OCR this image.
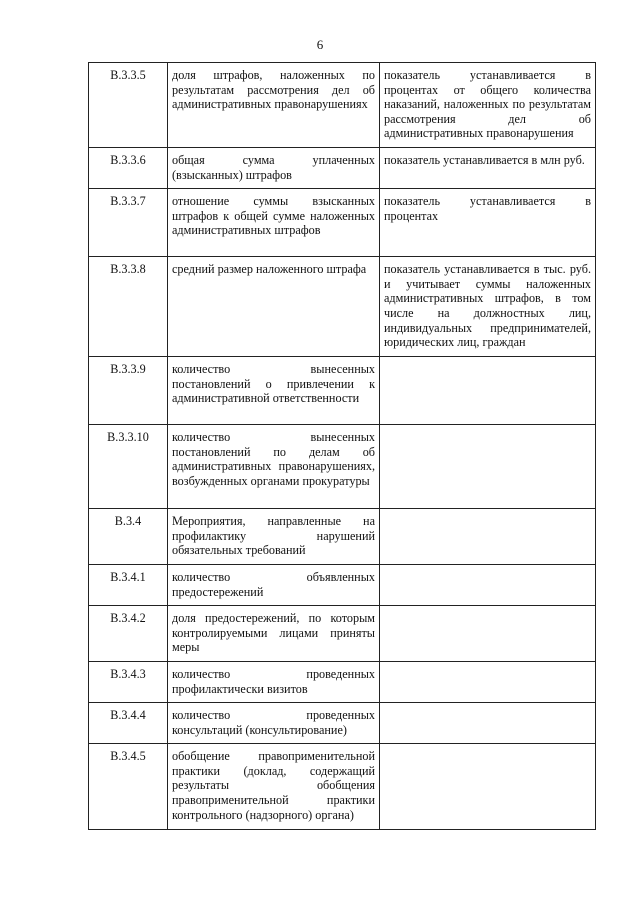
6
В.3.3.5	доля штрафов, наложенных по результатам рассмотрения дел об административных правонарушениях	показатель устанавливается в процентах от общего количества наказаний, наложенных по результатам рассмотрения дел об административных правонарушения
В.3.3.6	общая сумма уплаченных (взысканных) штрафов	показатель устанавливается в млн руб.
В.3.3.7	отношение суммы взысканных штрафов к общей сумме наложенных административных штрафов	показатель устанавливается в процентах
В.3.3.8	средний размер наложенного штрафа	показатель устанавливается в тыс. руб. и учитывает суммы наложенных административных штрафов, в том числе на должностных лиц, индивидуальных предпринимателей, юридических лиц, граждан
В.3.3.9	количество вынесенных постановлений о привлечении к административной ответственности	
В.3.3.10	количество вынесенных постановлений по делам об административных правонарушениях, возбужденных органами прокуратуры	
В.3.4	Мероприятия, направленные на профилактику нарушений обязательных требований	
В.3.4.1	количество объявленных предостережений	
В.3.4.2	доля предостережений, по которым контролируемыми лицами приняты меры	
В.3.4.3	количество проведенных профилактически визитов	
В.3.4.4	количество проведенных консультаций (консультирование)	
В.3.4.5	обобщение правоприменительной практики (доклад, содержащий результаты обобщения правоприменительной практики контрольного (надзорного) органа)	
